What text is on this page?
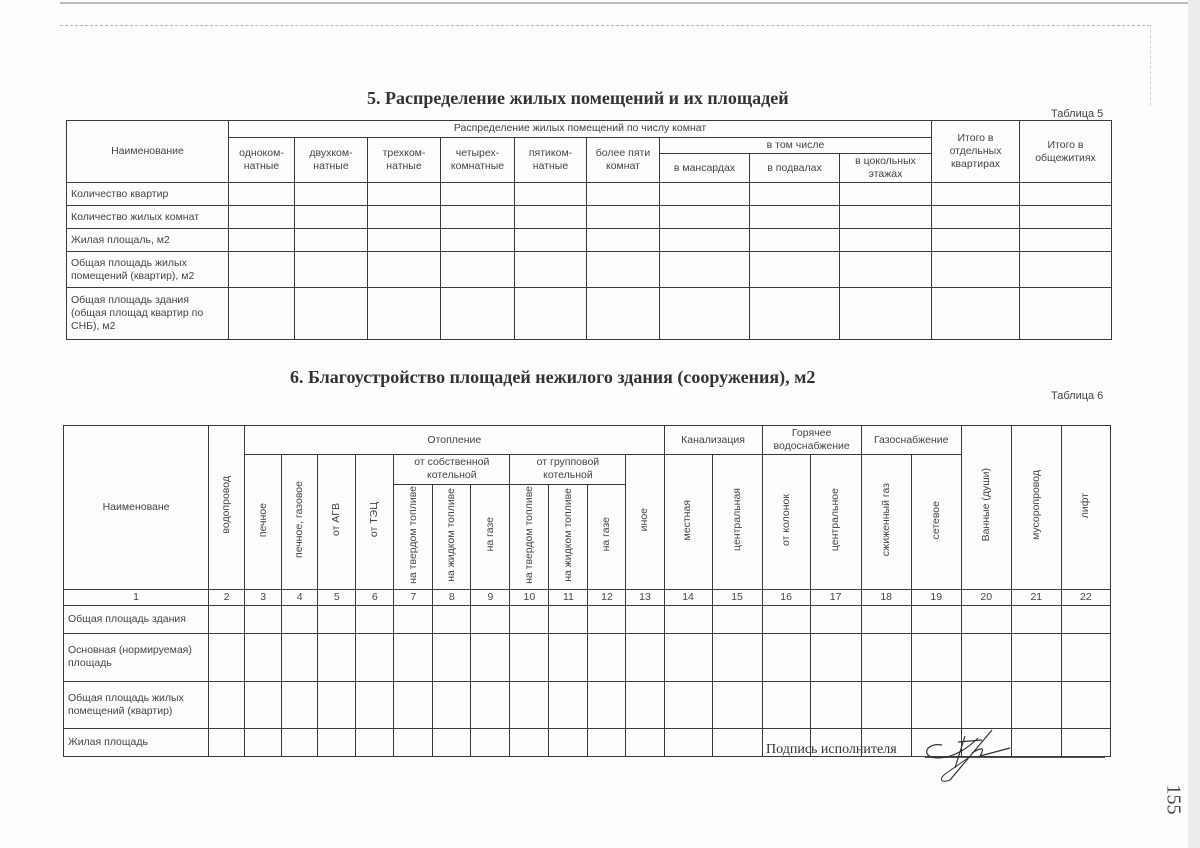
5. Распределение жилых помещений и их площадей
Таблица 5
Наименование	Распределение жилых помещений по числу комнат									Итого в отдельных квартирах	Итого в общежитиях
	одноком-натные	двухком-натные	трехком-натные	четырех-комнатные	пятиком-натные	более пяти комнат	в том числе				
							в мансардах	в подвалах	в цокольных этажах		
Количество квартир											
Количество жилых комнат											
Жилая площаль, м2											
Общая площадь жилых помещений (квартир), м2											
Общая площадь здания (общая площад квартир по СНБ), м2											
6. Благоустройство площадей нежилого здания (сооружения), м2
Таблица 6
Наименоване	водопровод	Отопление											Канализация		Горячее водоснабжение		Газоснабжение		Ванные (души)	мусоропровод	лифт
		печное	печное, газовое	от АГВ	от ТЭЦ	от собственной котельной			от групповой котельной			иное	местная	центральная	от колонок	центральное	сжиженный газ	сетевое			
						на твердом топливе	на жидком топливе	на газе	на твердом топливе	на жидком топливе	на газе										
1	2	3	4	5	6	7	8	9	10	11	12	13	14	15	16	17	18	19	20	21	22
Общая площадь здания																					
Основная (нормируемая) площадь																					
Общая площадь жилых помещений (квартир)																					
Жилая площадь																					
Подпись исполнителя
155
